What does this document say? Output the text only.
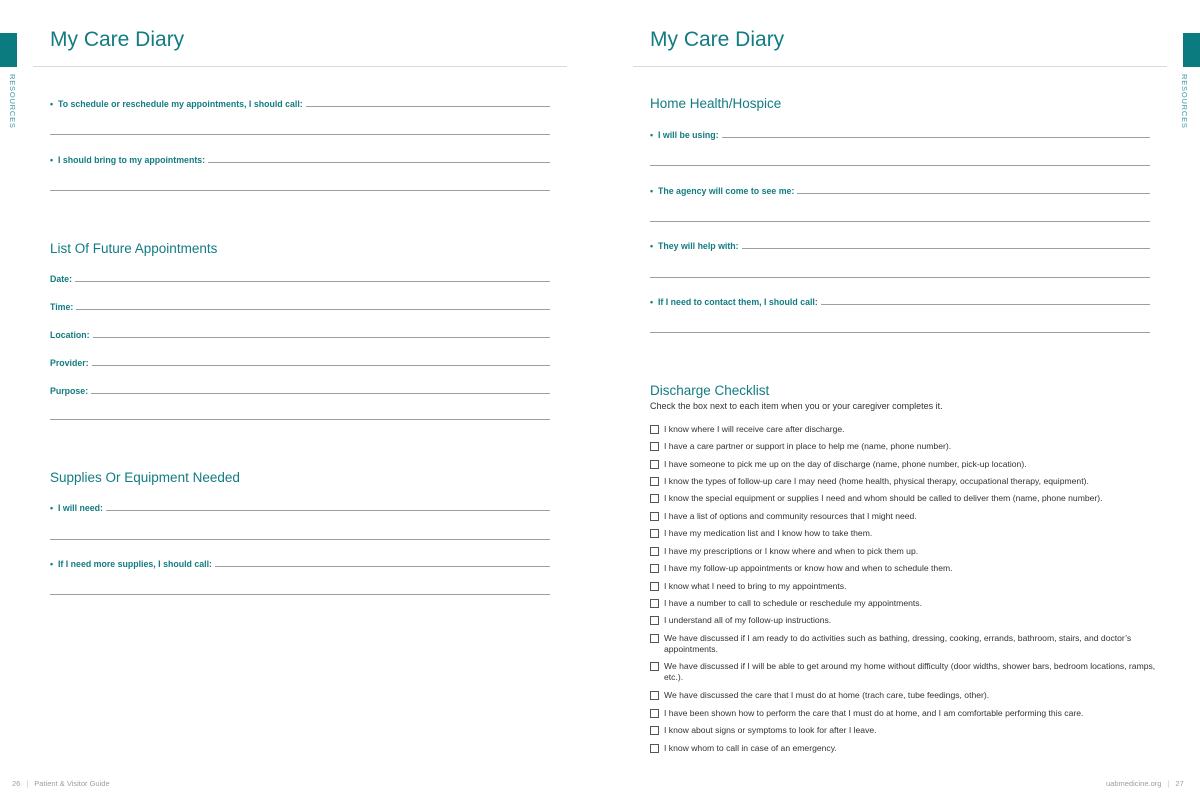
RESOURCES
My Care Diary
•  To schedule or reschedule my appointments, I should call:
•  I should bring to my appointments:
List Of Future Appointments
Date:
Time:
Location:
Provider:
Purpose:
Supplies Or Equipment Needed
•  I will need:
•  If I need more supplies, I should call:
26 | Patient & Visitor Guide
RESOURCES
My Care Diary
Home Health/Hospice
•  I will be using:
•  The agency will come to see me:
•  They will help with:
•  If I need to contact them, I should call:
Discharge Checklist
Check the box next to each item when you or your caregiver completes it.
I know where I will receive care after discharge.
I have a care partner or support in place to help me (name, phone number).
I have someone to pick me up on the day of discharge (name, phone number, pick-up location).
I know the types of follow-up care I may need (home health, physical therapy, occupational therapy, equipment).
I know the special equipment or supplies I need and whom should be called to deliver them (name, phone number).
I have a list of options and community resources that I might need.
I have my medication list and I know how to take them.
I have my prescriptions or I know where and when to pick them up.
I have my follow-up appointments or know how and when to schedule them.
I know what I need to bring to my appointments.
I have a number to call to schedule or reschedule my appointments.
I understand all of my follow-up instructions.
We have discussed if I am ready to do activities such as bathing, dressing, cooking, errands, bathroom, stairs, and doctor’s appointments.
We have discussed if I will be able to get around my home without difficulty (door widths, shower bars, bedroom locations, ramps, etc.).
We have discussed the care that I must do at home (trach care, tube feedings, other).
I have been shown how to perform the care that I must do at home, and I am comfortable performing this care.
I know about signs or symptoms to look for after I leave.
I know whom to call in case of an emergency.
uabmedicine.org | 27
